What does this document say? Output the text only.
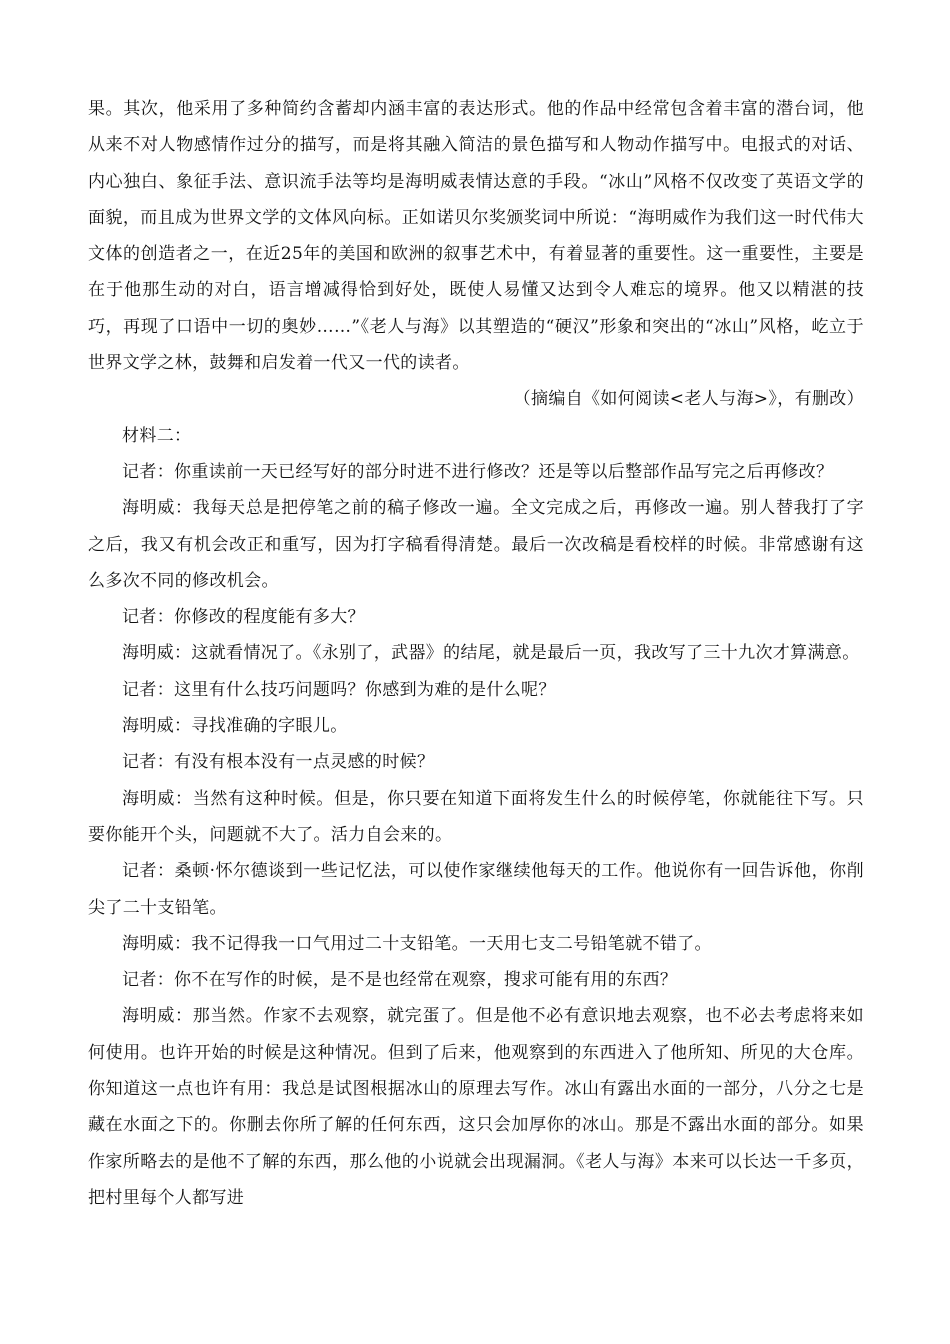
果。其次，他采用了多种简约含蓄却内涵丰富的表达形式。他的作品中经常包含着丰富的潜台词，他从来不对人物感情作过分的描写，而是将其融入简洁的景色描写和人物动作描写中。电报式的对话、内心独白、象征手法、意识流手法等均是海明威表情达意的手段。“冰山”风格不仅改变了英语文学的面貌，而且成为世界文学的文体风向标。正如诺贝尔奖颁奖词中所说：“海明威作为我们这一时代伟大文体的创造者之一，在近25年的美国和欧洲的叙事艺术中，有着显著的重要性。这一重要性，主要是在于他那生动的对白，语言增减得恰到好处，既使人易懂又达到令人难忘的境界。他又以精湛的技巧，再现了口语中一切的奥妙……”《老人与海》以其塑造的“硬汉”形象和突出的“冰山”风格，屹立于世界文学之林，鼓舞和启发着一代又一代的读者。

（摘编自《如何阅读<老人与海>》，有删改）

材料二：

记者：你重读前一天已经写好的部分时进不进行修改？还是等以后整部作品写完之后再修改？

海明威：我每天总是把停笔之前的稿子修改一遍。全文完成之后，再修改一遍。别人替我打了字之后，我又有机会改正和重写，因为打字稿看得清楚。最后一次改稿是看校样的时候。非常感谢有这么多次不同的修改机会。

记者：你修改的程度能有多大？

海明威：这就看情况了。《永别了，武器》的结尾，就是最后一页，我改写了三十九次才算满意。

记者：这里有什么技巧问题吗？你感到为难的是什么呢？

海明威：寻找准确的字眼儿。

记者：有没有根本没有一点灵感的时候？

海明威：当然有这种时候。但是，你只要在知道下面将发生什么的时候停笔，你就能往下写。只要你能开个头，问题就不大了。活力自会来的。

记者：桑顿·怀尔德谈到一些记忆法，可以使作家继续他每天的工作。他说你有一回告诉他，你削尖了二十支铅笔。

海明威：我不记得我一口气用过二十支铅笔。一天用七支二号铅笔就不错了。

记者：你不在写作的时候，是不是也经常在观察，搜求可能有用的东西？

海明威：那当然。作家不去观察，就完蛋了。但是他不必有意识地去观察，也不必去考虑将来如何使用。也许开始的时候是这种情况。但到了后来，他观察到的东西进入了他所知、所见的大仓库。你知道这一点也许有用：我总是试图根据冰山的原理去写作。冰山有露出水面的一部分，八分之七是藏在水面之下的。你删去你所了解的任何东西，这只会加厚你的冰山。那是不露出水面的部分。如果作家所略去的是他不了解的东西，那么他的小说就会出现漏洞。《老人与海》本来可以长达一千多页，把村里每个人都写进
